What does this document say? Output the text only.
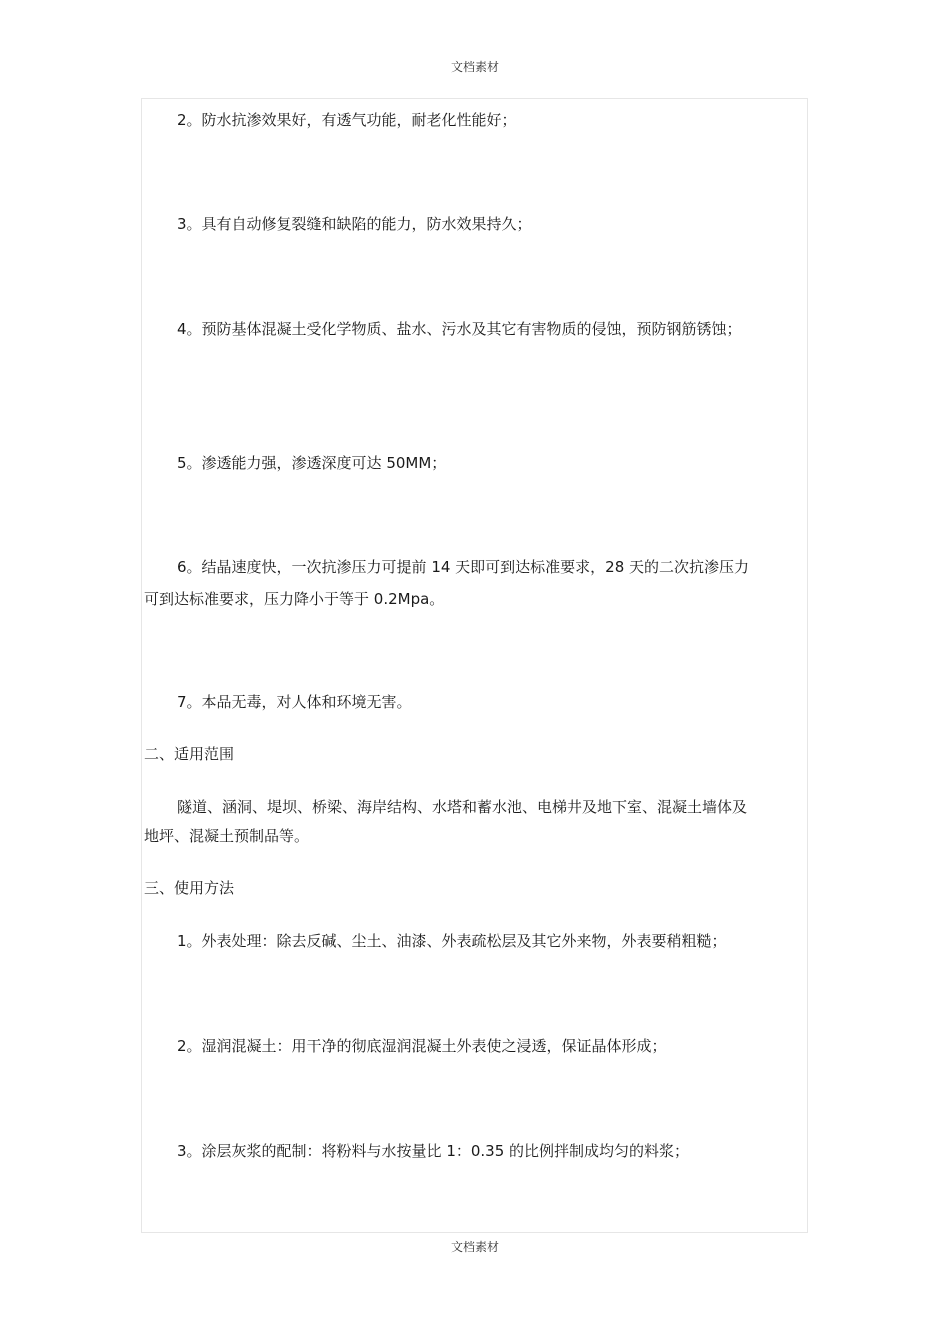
文档素材
2。防水抗渗效果好，有透气功能，耐老化性能好；
3。具有自动修复裂缝和缺陷的能力，防水效果持久；
4。预防基体混凝土受化学物质、盐水、污水及其它有害物质的侵蚀，预防钢筋锈蚀；
5。渗透能力强，渗透深度可达 50MM；
6。结晶速度快，一次抗渗压力可提前 14 天即可到达标准要求，28 天的二次抗渗压力
可到达标准要求，压力降小于等于 0.2Mpa。
7。本品无毒，对人体和环境无害。
二、适用范围
隧道、涵洞、堤坝、桥梁、海岸结构、水塔和蓄水池、电梯井及地下室、混凝土墙体及
地坪、混凝土预制品等。
三、使用方法
1。外表处理：除去反碱、尘土、油漆、外表疏松层及其它外来物，外表要稍粗糙；
2。湿润混凝土：用干净的彻底湿润混凝土外表使之浸透，保证晶体形成；
3。涂层灰浆的配制：将粉料与水按量比 1：0.35 的比例拌制成均匀的料浆；
文档素材
